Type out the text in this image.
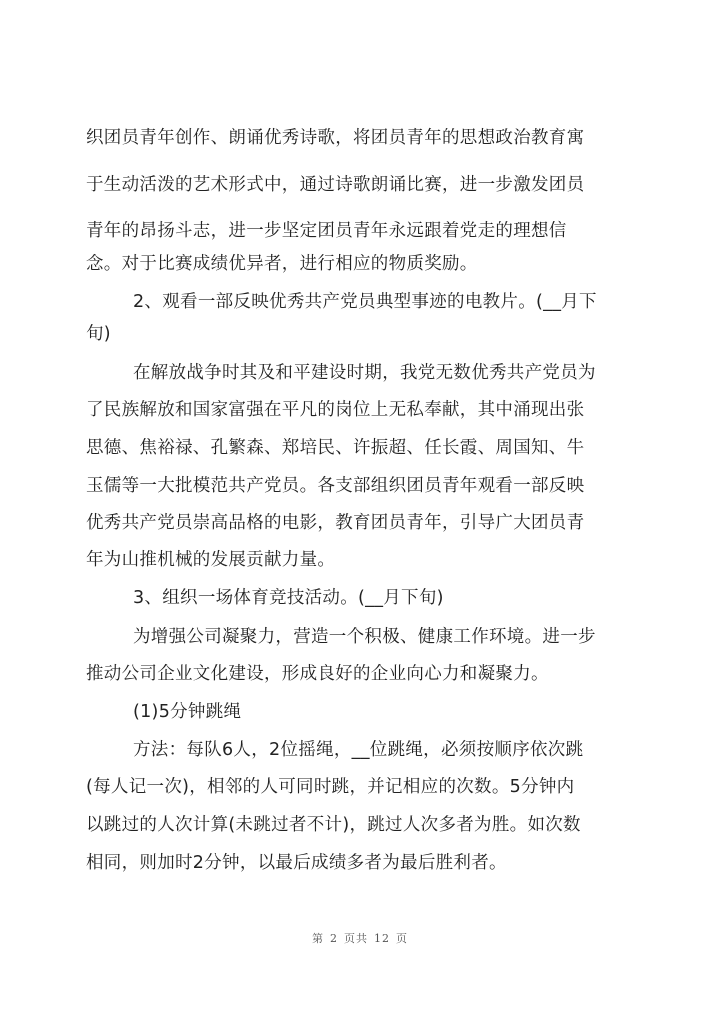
织团员青年创作、朗诵优秀诗歌，将团员青年的思想政治教育寓
于生动活泼的艺术形式中，通过诗歌朗诵比赛，进一步激发团员
青年的昂扬斗志，进一步坚定团员青年永远跟着党走的理想信
念。对于比赛成绩优异者，进行相应的物质奖励。
2、观看一部反映优秀共产党员典型事迹的电教片。(__月下
旬)
在解放战争时其及和平建设时期，我党无数优秀共产党员为
了民族解放和国家富强在平凡的岗位上无私奉献，其中涌现出张
思德、焦裕禄、孔繁森、郑培民、许振超、任长霞、周国知、牛
玉儒等一大批模范共产党员。各支部组织团员青年观看一部反映
优秀共产党员崇高品格的电影，教育团员青年，引导广大团员青
年为山推机械的发展贡献力量。
3、组织一场体育竞技活动。(__月下旬)
为增强公司凝聚力，营造一个积极、健康工作环境。进一步
推动公司企业文化建设，形成良好的企业向心力和凝聚力。
(1)5分钟跳绳
方法：每队6人，2位摇绳，__位跳绳，必须按顺序依次跳
(每人记一次)，相邻的人可同时跳，并记相应的次数。5分钟内
以跳过的人次计算(未跳过者不计)，跳过人次多者为胜。如次数
相同，则加时2分钟，以最后成绩多者为最后胜利者。
第 2 页共 12 页
